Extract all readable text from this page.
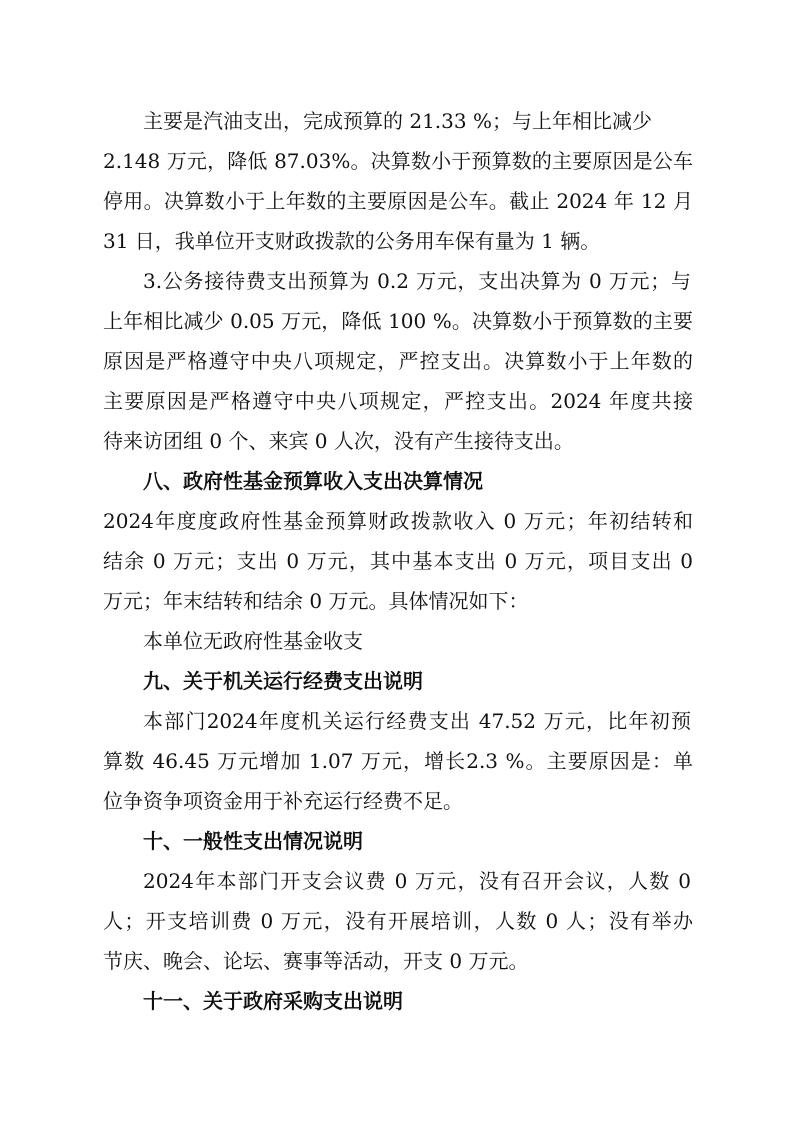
主要是汽油支出，完成预算的 21.33 %；与上年相比减少
2.148 万元，降低 87.03%。决算数小于预算数的主要原因是公车
停用。决算数小于上年数的主要原因是公车。截止 2024 年 12 月
31 日，我单位开支财政拨款的公务用车保有量为 1 辆。
3.公务接待费支出预算为 0.2 万元，支出决算为 0 万元；与
上年相比减少 0.05 万元，降低 100 %。决算数小于预算数的主要
原因是严格遵守中央八项规定，严控支出。决算数小于上年数的
主要原因是严格遵守中央八项规定，严控支出。2024 年度共接
待来访团组 0 个、来宾 0 人次，没有产生接待支出。
八、政府性基金预算收入支出决算情况
2024年度度政府性基金预算财政拨款收入 0 万元；年初结转和
结余 0 万元；支出 0 万元，其中基本支出 0 万元，项目支出 0
万元；年末结转和结余 0 万元。具体情况如下：
本单位无政府性基金收支
九、关于机关运行经费支出说明
本部门2024年度机关运行经费支出 47.52 万元，比年初预
算数 46.45 万元增加 1.07 万元，增长2.3 %。主要原因是：单
位争资争项资金用于补充运行经费不足。
十、一般性支出情况说明
2024年本部门开支会议费 0 万元，没有召开会议，人数 0
人；开支培训费 0 万元，没有开展培训，人数 0 人；没有举办
节庆、晚会、论坛、赛事等活动，开支 0 万元。
十一、关于政府采购支出说明
